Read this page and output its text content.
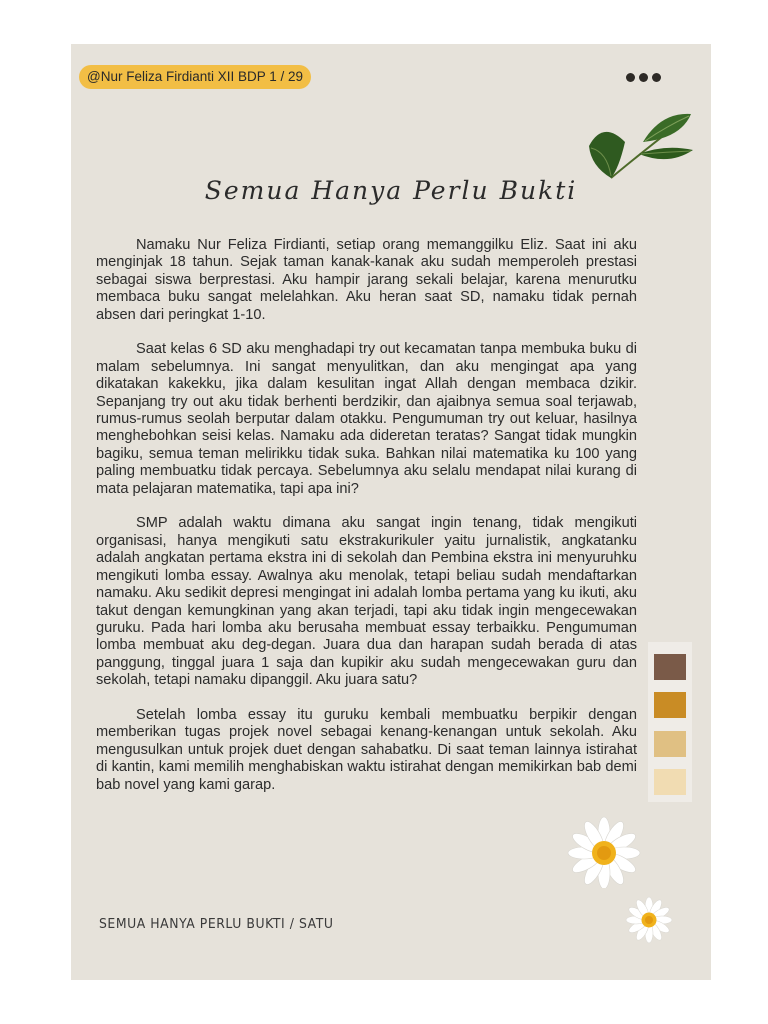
@Nur Feliza Firdianti XII BDP 1 / 29
Semua Hanya Perlu Bukti

Namaku Nur Feliza Firdianti, setiap orang memanggilku Eliz. Saat ini aku menginjak 18 tahun. Sejak taman kanak-kanak aku sudah memperoleh prestasi sebagai siswa berprestasi. Aku hampir jarang sekali belajar, karena menurutku membaca buku sangat melelahkan. Aku heran saat SD, namaku tidak pernah absen dari peringkat 1-10.

Saat kelas 6 SD aku menghadapi try out kecamatan tanpa membuka buku di malam sebelumnya. Ini sangat menyulitkan, dan aku mengingat apa yang dikatakan kakekku, jika dalam kesulitan ingat Allah dengan membaca dzikir. Sepanjang try out aku tidak berhenti berdzikir, dan ajaibnya semua soal terjawab, rumus-rumus seolah berputar dalam otakku. Pengumuman try out keluar, hasilnya menghebohkan seisi kelas. Namaku ada dideretan teratas? Sangat tidak mungkin bagiku, semua teman melirikku tidak suka. Bahkan nilai matematika ku 100 yang paling membuatku tidak percaya. Sebelumnya aku selalu mendapat nilai kurang di mata pelajaran matematika, tapi apa ini?

SMP adalah waktu dimana aku sangat ingin tenang, tidak mengikuti organisasi, hanya mengikuti satu ekstrakurikuler yaitu jurnalistik, angkatanku adalah angkatan pertama ekstra ini di sekolah dan Pembina ekstra ini menyuruhku mengikuti lomba essay. Awalnya aku menolak, tetapi beliau sudah mendaftarkan namaku. Aku sedikit depresi mengingat ini adalah lomba pertama yang ku ikuti, aku takut dengan kemungkinan yang akan terjadi, tapi aku tidak ingin mengecewakan guruku. Pada hari lomba aku berusaha membuat essay terbaikku. Pengumuman lomba membuat aku deg-degan. Juara dua dan harapan sudah berada di atas panggung, tinggal juara 1 saja dan kupikir aku sudah mengecewakan guru dan sekolah, tetapi namaku dipanggil. Aku juara satu?

Setelah lomba essay itu guruku kembali membuatku berpikir dengan memberikan tugas projek novel sebagai kenang-kenangan untuk sekolah. Aku mengusulkan untuk projek duet dengan sahabatku. Di saat teman lainnya istirahat di kantin, kami memilih menghabiskan waktu istirahat dengan memikirkan bab demi bab novel yang kami garap.

SEMUA HANYA PERLU BUKTI / SATU
